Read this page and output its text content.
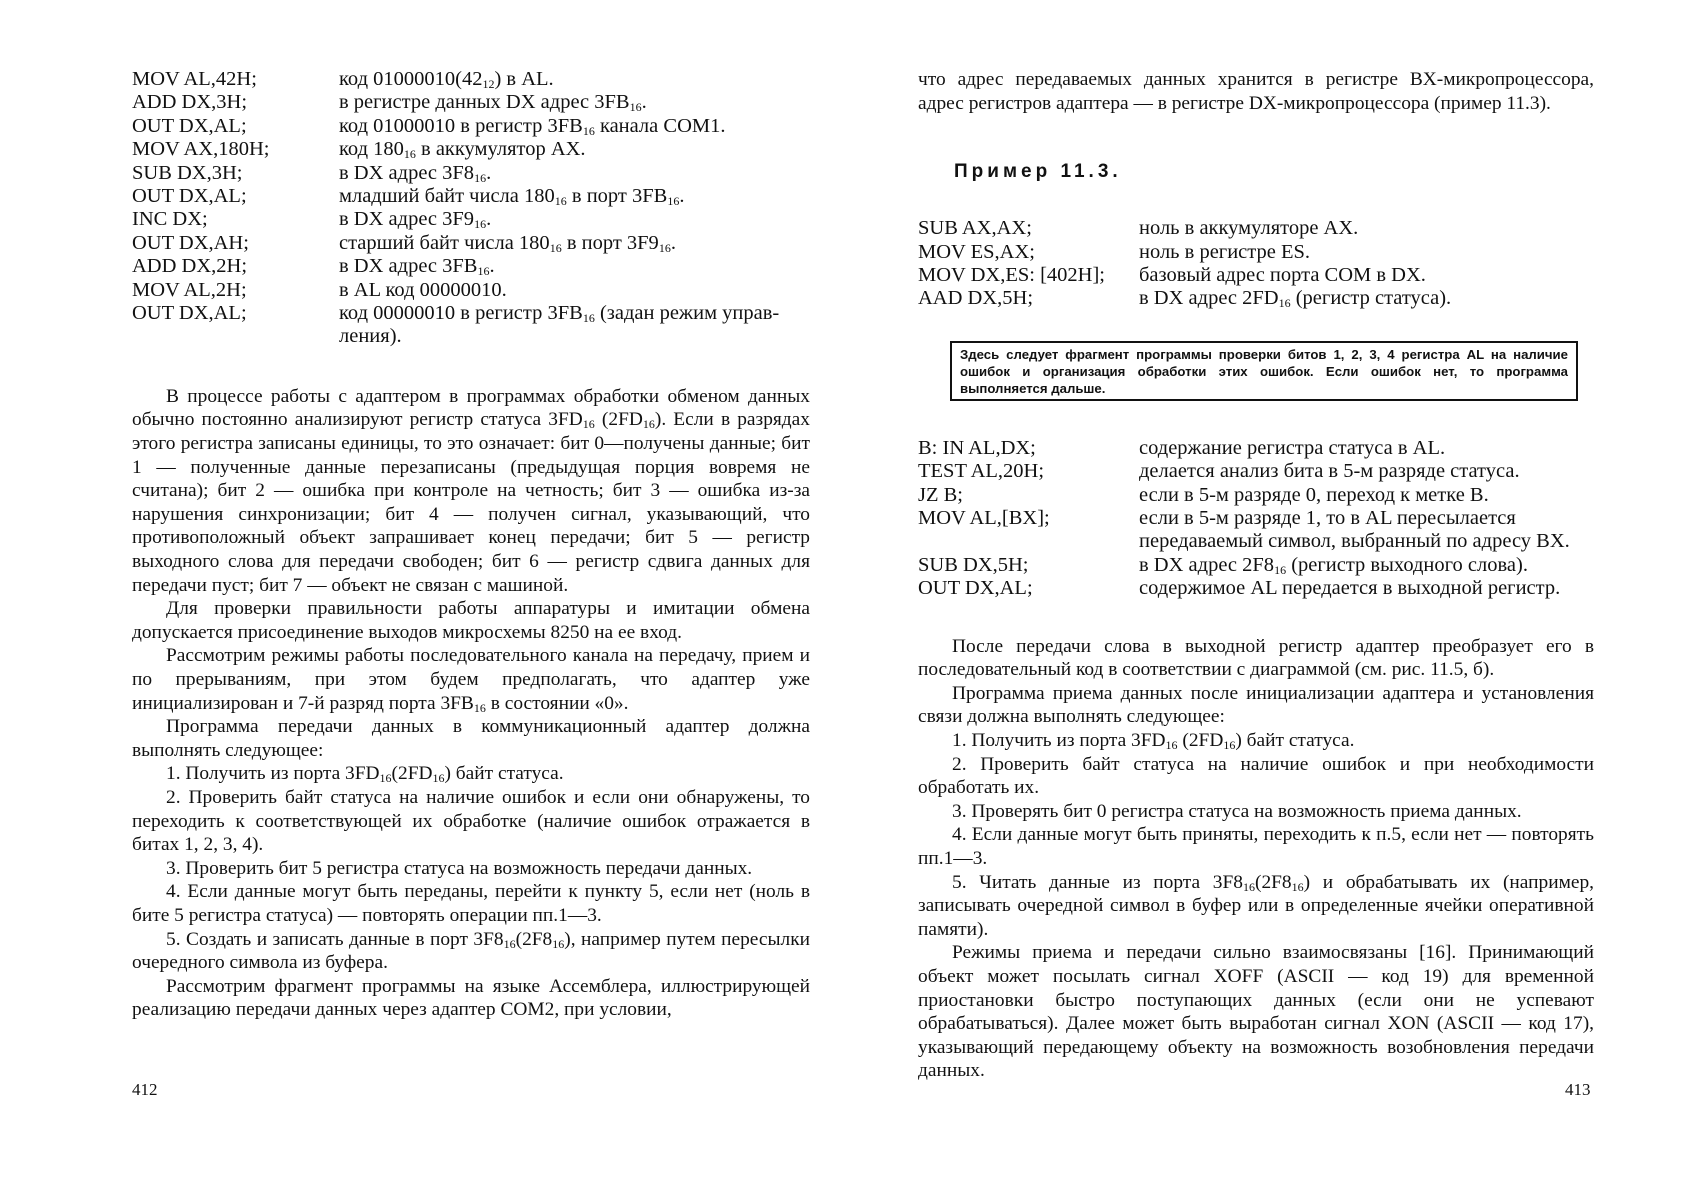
MOV AL,42H;	код $01000010(42_{12})$ в AL.
ADD DX,3H;	в регистре данных DX адрес $3FB_{16}$.
OUT DX,AL;	код 01000010 в регистр $3FB_{16}$ канала COM1.
MOV AX,180H;	код $180_{16}$ в аккумулятор AX.
SUB DX,3H;	в DX адрес $3F8_{16}$.
OUT DX,AL;	младший байт числа $180_{16}$ в порт $3FB_{16}$.
INC DX;	в DX адрес $3F9_{16}$.
OUT DX,AH;	старший байт числа $180_{16}$ в порт $3F9_{16}$.
ADD DX,2H;	в DX адрес $3FB_{16}$.
MOV AL,2H;	в AL код 00000010.
OUT DX,AL;	код 00000010 в регистр $3FB_{16}$ (задан режим управления).

В процессе работы с адаптером в программах обработки обменом данных обычно постоянно анализируют регистр статуса $3FD_{16}$ $(2FD_{16})$. Если в разрядах этого регистра записаны единицы, то это означает: бит 0—получены данные; бит 1 — полученные данные перезаписаны (предыдущая порция вовремя не считана); бит 2 — ошибка при контроле на четность; бит 3 — ошибка из-за нарушения синхронизации; бит 4 — получен сигнал, указывающий, что противоположный объект запрашивает конец передачи; бит 5 — регистр выходного слова для передачи свободен; бит 6 — регистр сдвига данных для передачи пуст; бит 7 — объект не связан с машиной.

Для проверки правильности работы аппаратуры и имитации обмена допускается присоединение выходов микросхемы 8250 на ее вход.

Рассмотрим режимы работы последовательного канала на передачу, прием и по прерываниям, при этом будем предполагать, что адаптер уже инициализирован и 7-й разряд порта $3FB_{16}$ в состоянии «0».

Программа передачи данных в коммуникационный адаптер должна выполнять следующее:

1. Получить из порта $3FD_{16}(2FD_{16})$ байт статуса.

2. Проверить байт статуса на наличие ошибок и если они обнаружены, то переходить к соответствующей их обработке (наличие ошибок отражается в битах 1, 2, 3, 4).

3. Проверить бит 5 регистра статуса на возможность передачи данных.

4. Если данные могут быть переданы, перейти к пункту 5, если нет (ноль в бите 5 регистра статуса) — повторять операции пп.1—3.

5. Создать и записать данные в порт $3F8_{16}(2F8_{16})$, например путем пересылки очередного символа из буфера.

Рассмотрим фрагмент программы на языке Ассемблера, иллюстрирующей реализацию передачи данных через адаптер COM2, при условии,

что адрес передаваемых данных хранится в регистре BX-микропроцессора, адрес регистров адаптера — в регистре DX-микропроцессора (пример 11.3).

Пример 11.3.
SUB AX,AX;	ноль в аккумуляторе AX.
MOV ES,AX;	ноль в регистре ES.
MOV DX,ES: [402H];	базовый адрес порта COM в DX.
AAD DX,5H;	в DX адрес $2FD_{16}$ (регистр статуса).
Здесь следует фрагмент программы проверки битов 1, 2, 3, 4 регистра AL на наличие ошибок и организация обработки этих ошибок. Если ошибок нет, то программа выполняется дальше.
B: IN AL,DX;	содержание регистра статуса в AL.
TEST AL,20H;	делается анализ бита в 5-м разряде статуса.
JZ B;	если в 5-м разряде 0, переход к метке B.
MOV AL,[BX];	если в 5-м разряде 1, то в AL пересылается передаваемый символ, выбранный по адресу BX.
SUB DX,5H;	в DX адрес $2F8_{16}$ (регистр выходного слова).
OUT DX,AL;	содержимое AL передается в выходной регистр.

После передачи слова в выходной регистр адаптер преобразует его в последовательный код в соответствии с диаграммой (см. рис. 11.5, б).

Программа приема данных после инициализации адаптера и установления связи должна выполнять следующее:

1. Получить из порта $3FD_{16}$ $(2FD_{16})$ байт статуса.

2. Проверить байт статуса на наличие ошибок и при необходимости обработать их.

3. Проверять бит 0 регистра статуса на возможность приема данных.

4. Если данные могут быть приняты, переходить к п.5, если нет — повторять пп.1—3.

5. Читать данные из порта $3F8_{16}(2F8_{16})$ и обрабатывать их (например, записывать очередной символ в буфер или в определенные ячейки оперативной памяти).

Режимы приема и передачи сильно взаимосвязаны [16]. Принимающий объект может посылать сигнал XOFF (ASCII — код 19) для временной приостановки быстро поступающих данных (если они не успевают обрабатываться). Далее может быть выработан сигнал XON (ASCII — код 17), указывающий передающему объекту на возможность возобновления передачи данных.

412	413
